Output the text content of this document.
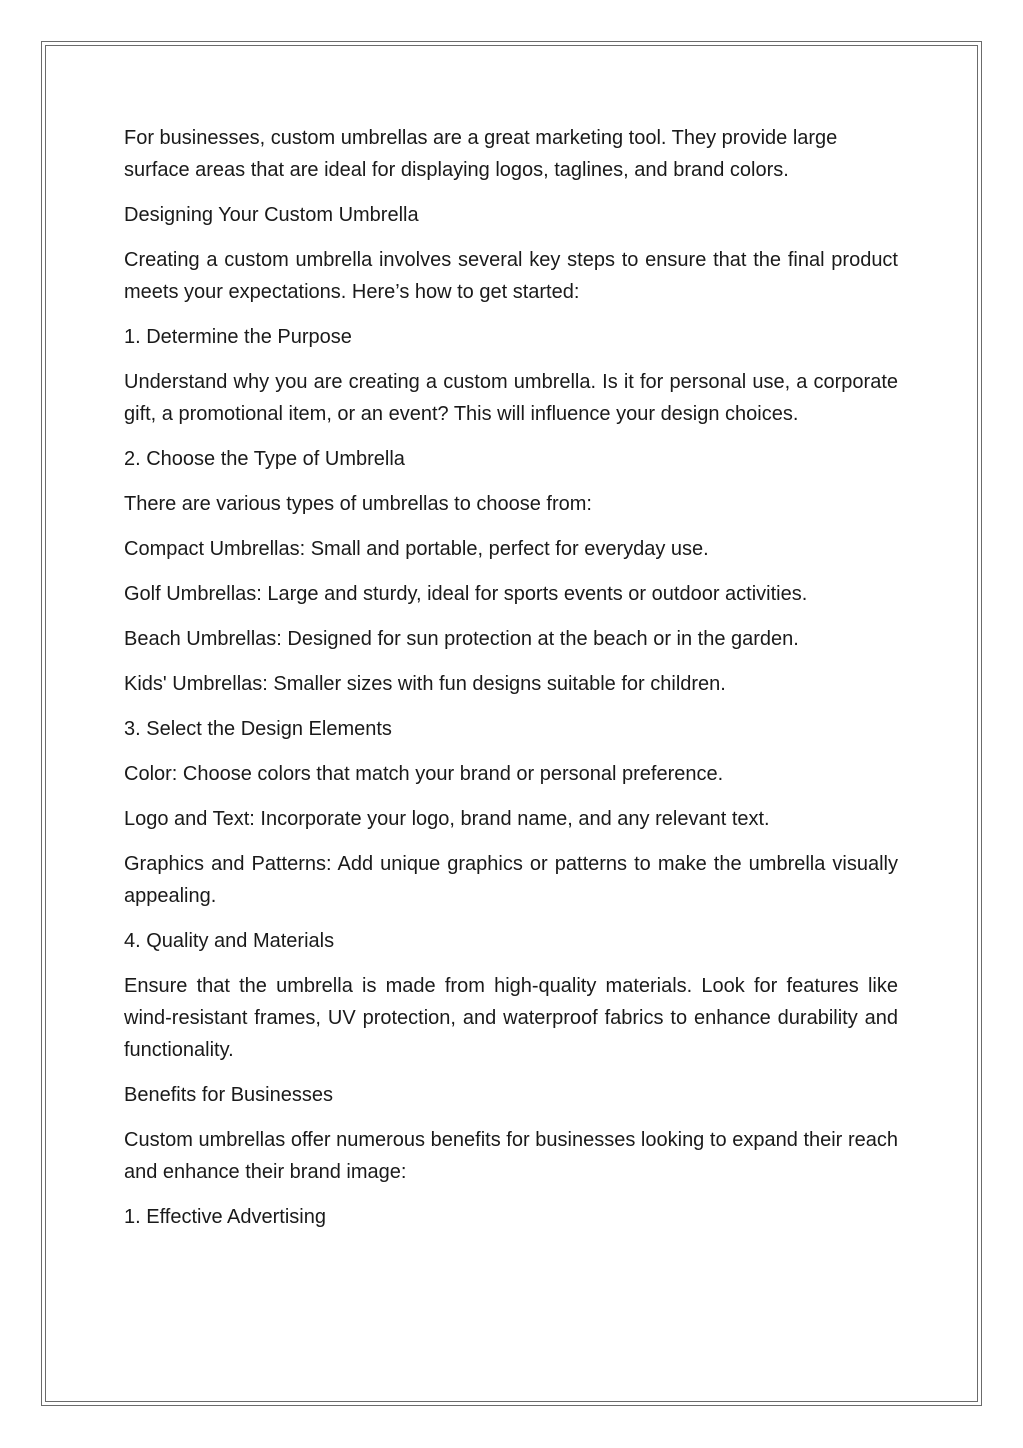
For businesses, custom umbrellas are a great marketing tool. They provide large surface areas that are ideal for displaying logos, taglines, and brand colors.

Designing Your Custom Umbrella

Creating a custom umbrella involves several key steps to ensure that the final product meets your expectations. Here’s how to get started:

1. Determine the Purpose

Understand why you are creating a custom umbrella. Is it for personal use, a corporate gift, a promotional item, or an event? This will influence your design choices.

2. Choose the Type of Umbrella

There are various types of umbrellas to choose from:

Compact Umbrellas: Small and portable, perfect for everyday use.

Golf Umbrellas: Large and sturdy, ideal for sports events or outdoor activities.

Beach Umbrellas: Designed for sun protection at the beach or in the garden.

Kids' Umbrellas: Smaller sizes with fun designs suitable for children.

3. Select the Design Elements

Color: Choose colors that match your brand or personal preference.

Logo and Text: Incorporate your logo, brand name, and any relevant text.

Graphics and Patterns: Add unique graphics or patterns to make the umbrella visually appealing.

4. Quality and Materials

Ensure that the umbrella is made from high-quality materials. Look for features like wind-resistant frames, UV protection, and waterproof fabrics to enhance durability and functionality.

Benefits for Businesses

Custom umbrellas offer numerous benefits for businesses looking to expand their reach and enhance their brand image:

1. Effective Advertising
